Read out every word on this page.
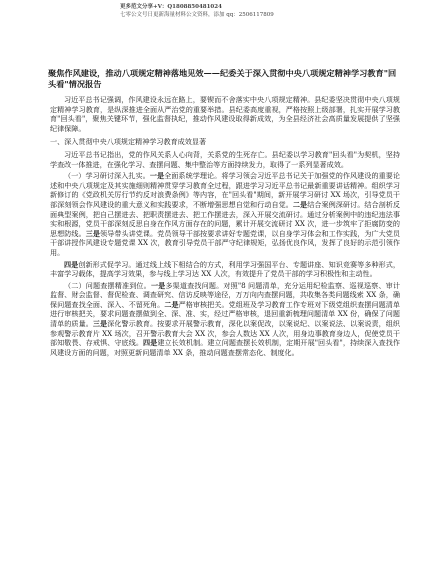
更多范文分享+V：Q1808850481024
七零公文号日更新海量材料公文资料，添加 qq：2506117809
聚焦作风建设，推动八项规定精神落地见效——纪委关于深入贯彻中央八项规定精神学习教育"回头看"情况报告

习近平总书记强调，作风建设永远在路上，要锲而不舍落实中央八项规定精神。县纪委坚决贯彻中央八项规定精神学习教育，是纵深推进全面从严治党的重要举措。县纪委高度重视，严格按照上级部署，扎实开展学习教育"回头看"，聚焦关键环节，强化监督执纪，推动作风建设取得新成效，为全县经济社会高质量发展提供了坚强纪律保障。

一、深入贯彻中央八项规定精神学习教育成效显著

习近平总书记指出，党的作风关系人心向背，关系党的生死存亡。县纪委以学习教育"回头看"为契机，坚持学查改一体推进，在强化学习、查摆问题、集中整治等方面持续发力，取得了一系列显著成效。

（一）学习研讨深入扎实。一是全面系统学理论。将学习领会习近平总书记关于加强党的作风建设的重要论述和中央八项规定及其实施细则精神贯穿学习教育全过程，跟进学习习近平总书记最新重要讲话精神。组织学习新修订的《党政机关厉行节约反对浪费条例》等内容，在"回头看"期间，新开展学习研讨 XX 场次，引导党员干部深刻领会作风建设的重大意义和实践要求，不断增强思想自觉和行动自觉。二是结合案例深研讨。结合剖析反面典型案例，把自己摆进去、把职责摆进去、把工作摆进去，深入开展交流研讨。通过分析案例中的违纪违法事实和根源，党员干部深刻反思自身在作风方面存在的问题，累计开展交流研讨 XX 次，进一步筑牢了拒腐防变的思想防线。三是领导带头讲党课。党员领导干部按要求讲好专题党课，以自身学习体会和工作实践，为广大党员干部讲授作风建设专题党课 XX 次，教育引导党员干部严守纪律规矩，弘扬优良作风，发挥了良好的示范引领作用。

四是创新形式促学习。通过线上线下相结合的方式，利用学习强国平台、专题讲座、知识竞赛等多种形式，丰富学习载体，提高学习效果，参与线上学习达 XX 人次，有效提升了党员干部的学习积极性和主动性。

（二）问题查摆精准到位。一是多渠道查找问题。对照"8 问题清单，充分运用纪检监察、巡视巡察、审计监督、财会监督、督促检查、调查研究、信访反映等途径，万万向内查摆问题，共收集各类问题线索 XX 条，确保问题查找全面、深入、不留死角。二是严格审核把关。党组班及学习教育工作专班对下级党组织查摆问题清单进行审核把关，要求问题查摆做到全、深、准、实，经过严格审核，退回重新梳理问题清单 XX 份，确保了问题清单的质量。三是深化警示教育。按要求开展警示教育，深化以案促改，以案说纪、以案说法、以案说责，组织参观警示教育片 XX 场次，召开警示教育大会 XX 次，参会人数达 XX 人次，用身边事教育身边人，促使党员干部知敬畏、存戒惧、守底线。四是建立长效机制。建立问题查摆长效机制，定期开展"回头看"，持续深入查找作风建设方面的问题，对照更新问题清单 XX 条，推动问题查摆常态化、制度化。
